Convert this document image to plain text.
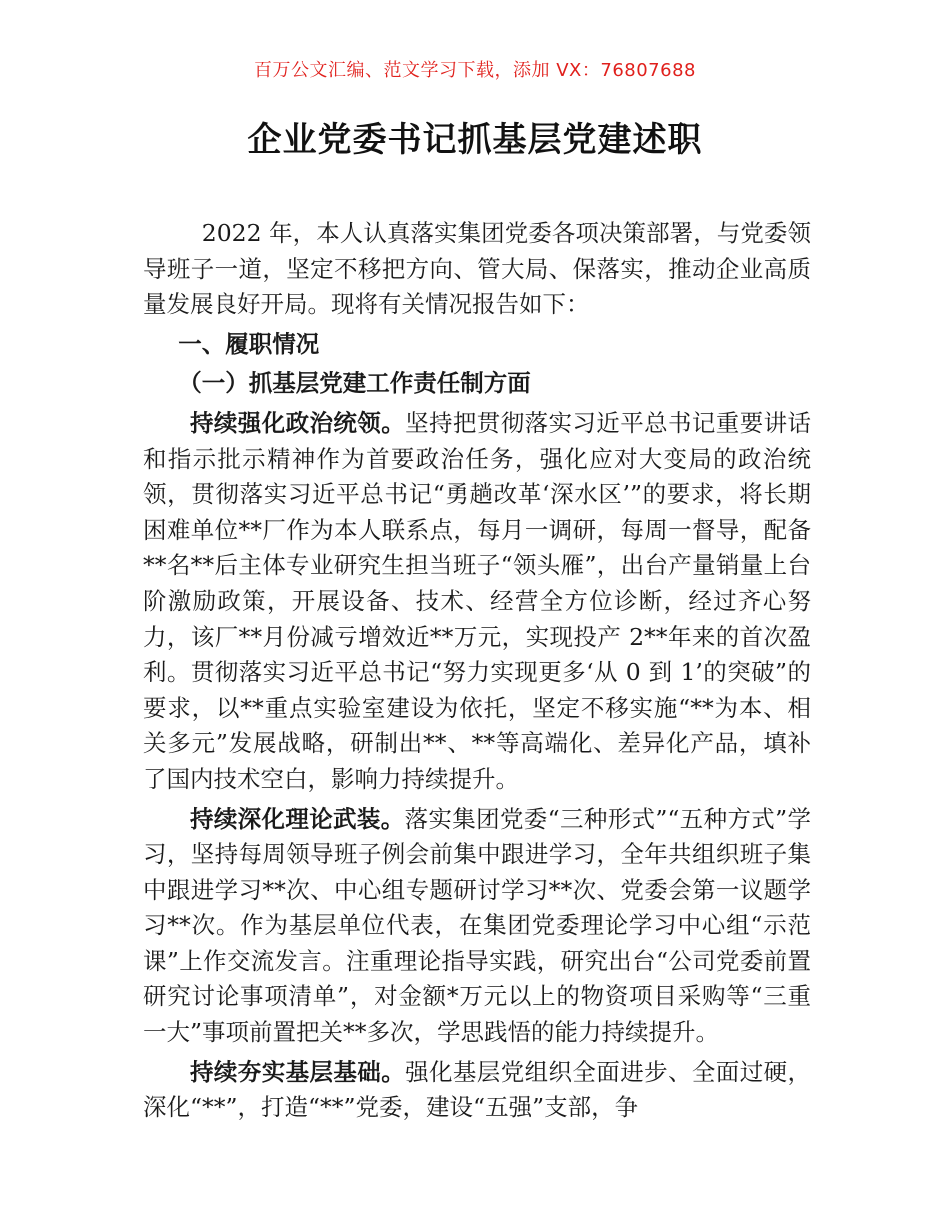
百万公文汇编、范文学习下载，添加 VX：76807688
企业党委书记抓基层党建述职

2022 年，本人认真落实集团党委各项决策部署，与党委领导班子一道，坚定不移把方向、管大局、保落实，推动企业高质量发展良好开局。现将有关情况报告如下：

一、履职情况
（一）抓基层党建工作责任制方面

持续强化政治统领。坚持把贯彻落实习近平总书记重要讲话和指示批示精神作为首要政治任务，强化应对大变局的政治统领，贯彻落实习近平总书记“勇趟改革‘深水区’”的要求，将长期困难单位**厂作为本人联系点，每月一调研，每周一督导，配备**名**后主体专业研究生担当班子“领头雁”，出台产量销量上台阶激励政策，开展设备、技术、经营全方位诊断，经过齐心努力，该厂**月份减亏增效近**万元，实现投产 2**年来的首次盈利。贯彻落实习近平总书记“努力实现更多‘从 0 到 1’的突破”的要求，以**重点实验室建设为依托，坚定不移实施“**为本、相关多元”发展战略，研制出**、**等高端化、差异化产品，填补了国内技术空白，影响力持续提升。

持续深化理论武装。落实集团党委“三种形式”“五种方式”学习，坚持每周领导班子例会前集中跟进学习，全年共组织班子集中跟进学习**次、中心组专题研讨学习**次、党委会第一议题学习**次。作为基层单位代表，在集团党委理论学习中心组“示范课”上作交流发言。注重理论指导实践，研究出台“公司党委前置研究讨论事项清单”，对金额*万元以上的物资项目采购等“三重一大”事项前置把关**多次，学思践悟的能力持续提升。

持续夯实基层基础。强化基层党组织全面进步、全面过硬，深化“**”，打造“**”党委，建设“五强”支部，争
